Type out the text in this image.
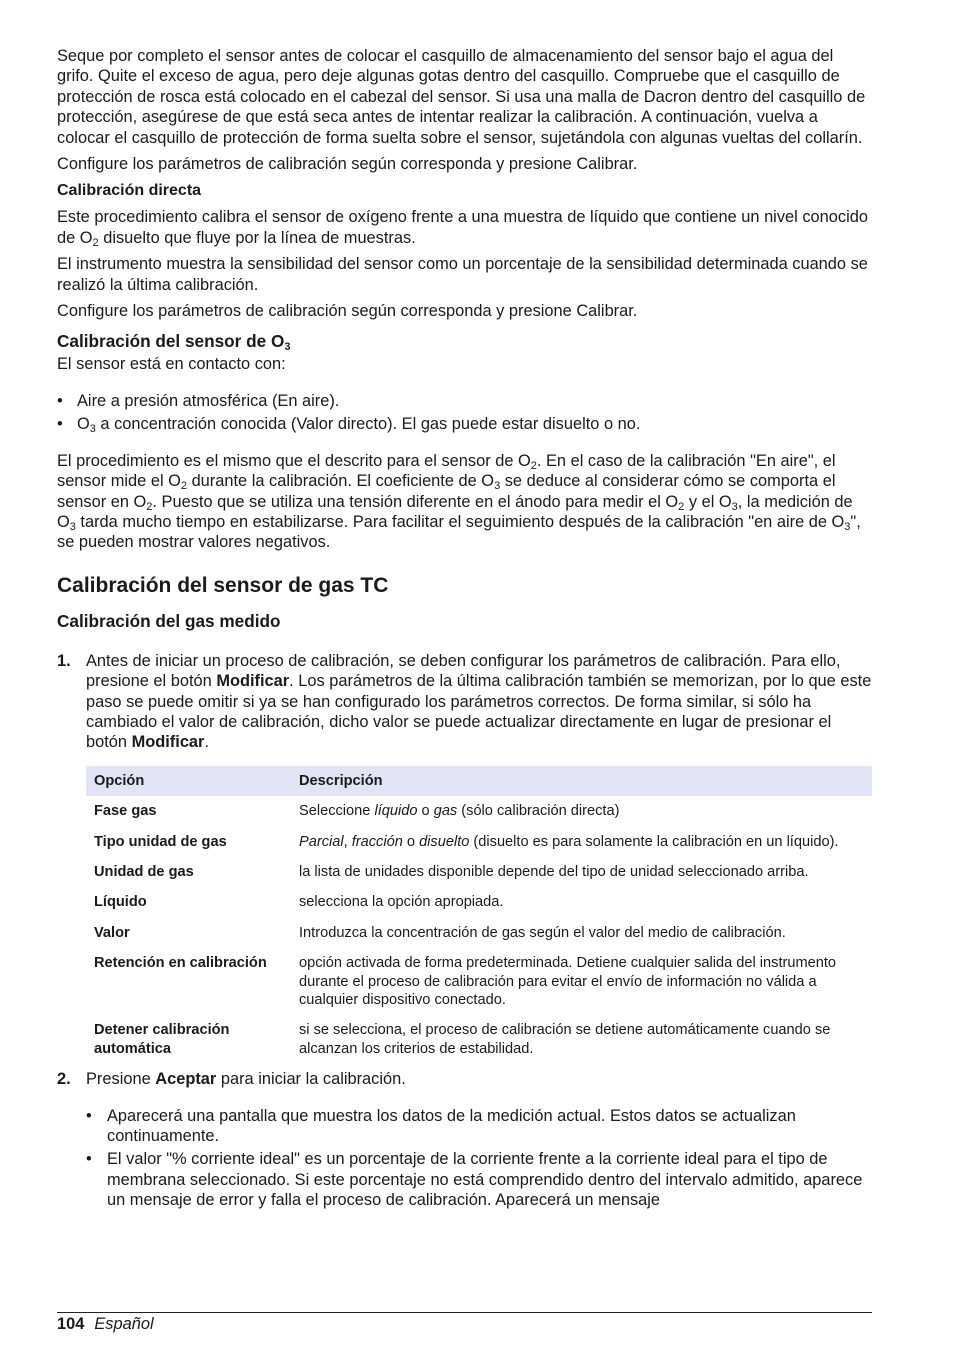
Seque por completo el sensor antes de colocar el casquillo de almacenamiento del sensor bajo el agua del grifo. Quite el exceso de agua, pero deje algunas gotas dentro del casquillo. Compruebe que el casquillo de protección de rosca está colocado en el cabezal del sensor. Si usa una malla de Dacron dentro del casquillo de protección, asegúrese de que está seca antes de intentar realizar la calibración. A continuación, vuelva a colocar el casquillo de protección de forma suelta sobre el sensor, sujetándola con algunas vueltas del collarín.

Configure los parámetros de calibración según corresponda y presione Calibrar.

Calibración directa

Este procedimiento calibra el sensor de oxígeno frente a una muestra de líquido que contiene un nivel conocido de $O_2$ disuelto que fluye por la línea de muestras.

El instrumento muestra la sensibilidad del sensor como un porcentaje de la sensibilidad determinada cuando se realizó la última calibración.

Configure los parámetros de calibración según corresponda y presione Calibrar.

Calibración del sensor de $O_3$

El sensor está en contacto con:

• Aire a presión atmosférica (En aire).
• $O_3$ a concentración conocida (Valor directo). El gas puede estar disuelto o no.

El procedimiento es el mismo que el descrito para el sensor de $O_2$. En el caso de la calibración "En aire", el sensor mide el $O_2$ durante la calibración. El coeficiente de $O_3$ se deduce al considerar cómo se comporta el sensor en $O_2$. Puesto que se utiliza una tensión diferente en el ánodo para medir el $O_2$ y el $O_3$, la medición de $O_3$ tarda mucho tiempo en estabilizarse. Para facilitar el seguimiento después de la calibración "en aire de $O_3$", se pueden mostrar valores negativos.

Calibración del sensor de gas TC
Calibración del gas medido
1. Antes de iniciar un proceso de calibración, se deben configurar los parámetros de calibración. Para ello, presione el botón Modificar. Los parámetros de la última calibración también se memorizan, por lo que este paso se puede omitir si ya se han configurado los parámetros correctos. De forma similar, si sólo ha cambiado el valor de calibración, dicho valor se puede actualizar directamente en lugar de presionar el botón Modificar.
Opción	Descripción
Fase gas	Seleccione líquido o gas (sólo calibración directa)
Tipo unidad de gas	Parcial, fracción o disuelto (disuelto es para solamente la calibración en un líquido).
Unidad de gas	la lista de unidades disponible depende del tipo de unidad seleccionado arriba.
Líquido	selecciona la opción apropiada.
Valor	Introduzca la concentración de gas según el valor del medio de calibración.
Retención en calibración	opción activada de forma predeterminada. Detiene cualquier salida del instrumento durante el proceso de calibración para evitar el envío de información no válida a cualquier dispositivo conectado.
Detener calibración automática	si se selecciona, el proceso de calibración se detiene automáticamente cuando se alcanzan los criterios de estabilidad.
2. Presione Aceptar para iniciar la calibración.
• Aparecerá una pantalla que muestra los datos de la medición actual. Estos datos se actualizan continuamente.
• El valor "% corriente ideal" es un porcentaje de la corriente frente a la corriente ideal para el tipo de membrana seleccionado. Si este porcentaje no está comprendido dentro del intervalo admitido, aparece un mensaje de error y falla el proceso de calibración. Aparecerá un mensaje
104 Español
